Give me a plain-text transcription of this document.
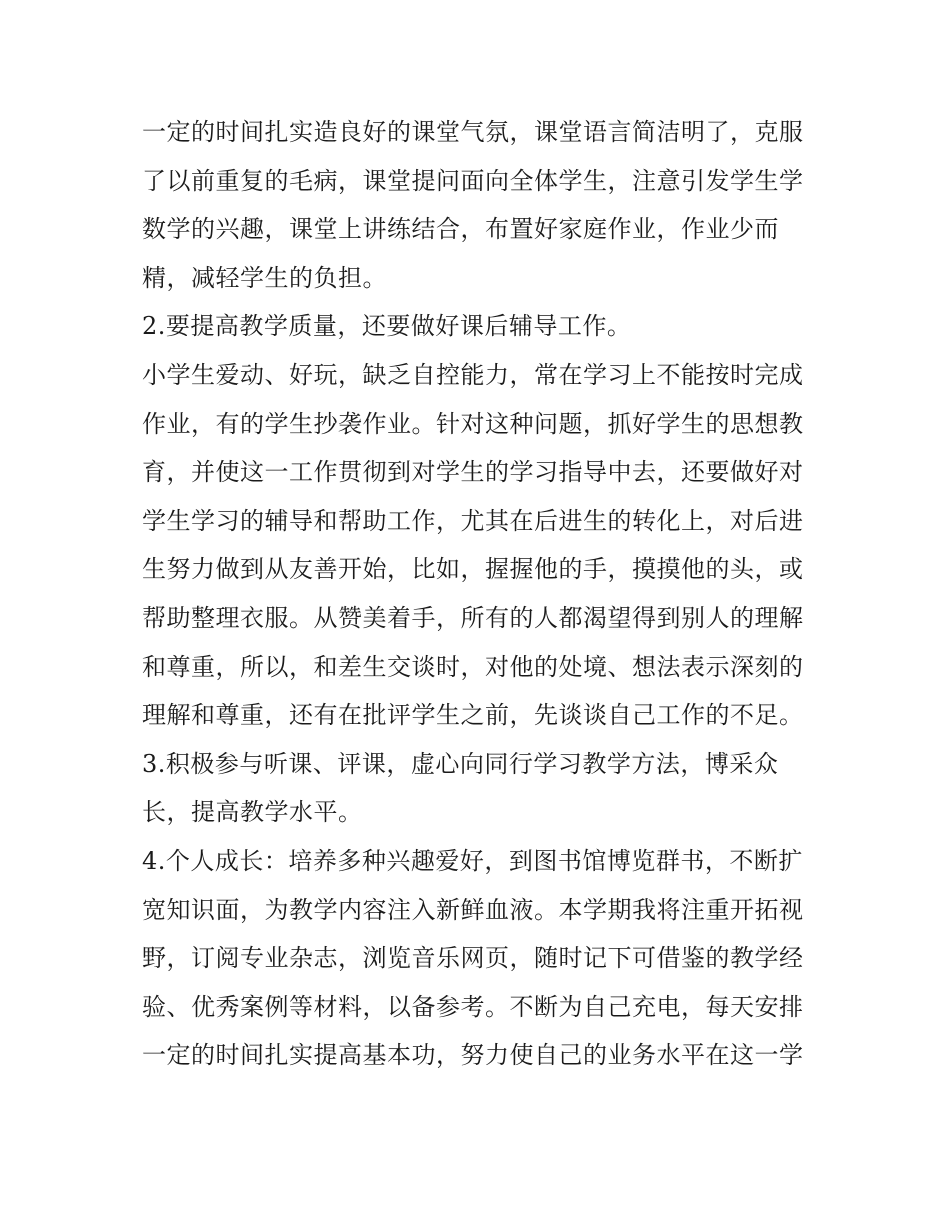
一定的时间扎实造良好的课堂气氛，课堂语言简洁明了，克服
了以前重复的毛病，课堂提问面向全体学生，注意引发学生学
数学的兴趣，课堂上讲练结合，布置好家庭作业，作业少而
精，减轻学生的负担。
2.要提高教学质量，还要做好课后辅导工作。
小学生爱动、好玩，缺乏自控能力，常在学习上不能按时完成
作业，有的学生抄袭作业。针对这种问题，抓好学生的思想教
育，并使这一工作贯彻到对学生的学习指导中去，还要做好对
学生学习的辅导和帮助工作，尤其在后进生的转化上，对后进
生努力做到从友善开始，比如，握握他的手，摸摸他的头，或
帮助整理衣服。从赞美着手，所有的人都渴望得到别人的理解
和尊重，所以，和差生交谈时，对他的处境、想法表示深刻的
理解和尊重，还有在批评学生之前，先谈谈自己工作的不足。
3.积极参与听课、评课，虚心向同行学习教学方法，博采众
长，提高教学水平。
4.个人成长：培养多种兴趣爱好，到图书馆博览群书，不断扩
宽知识面，为教学内容注入新鲜血液。本学期我将注重开拓视
野，订阅专业杂志，浏览音乐网页，随时记下可借鉴的教学经
验、优秀案例等材料，以备参考。不断为自己充电，每天安排
一定的时间扎实提高基本功，努力使自己的业务水平在这一学
